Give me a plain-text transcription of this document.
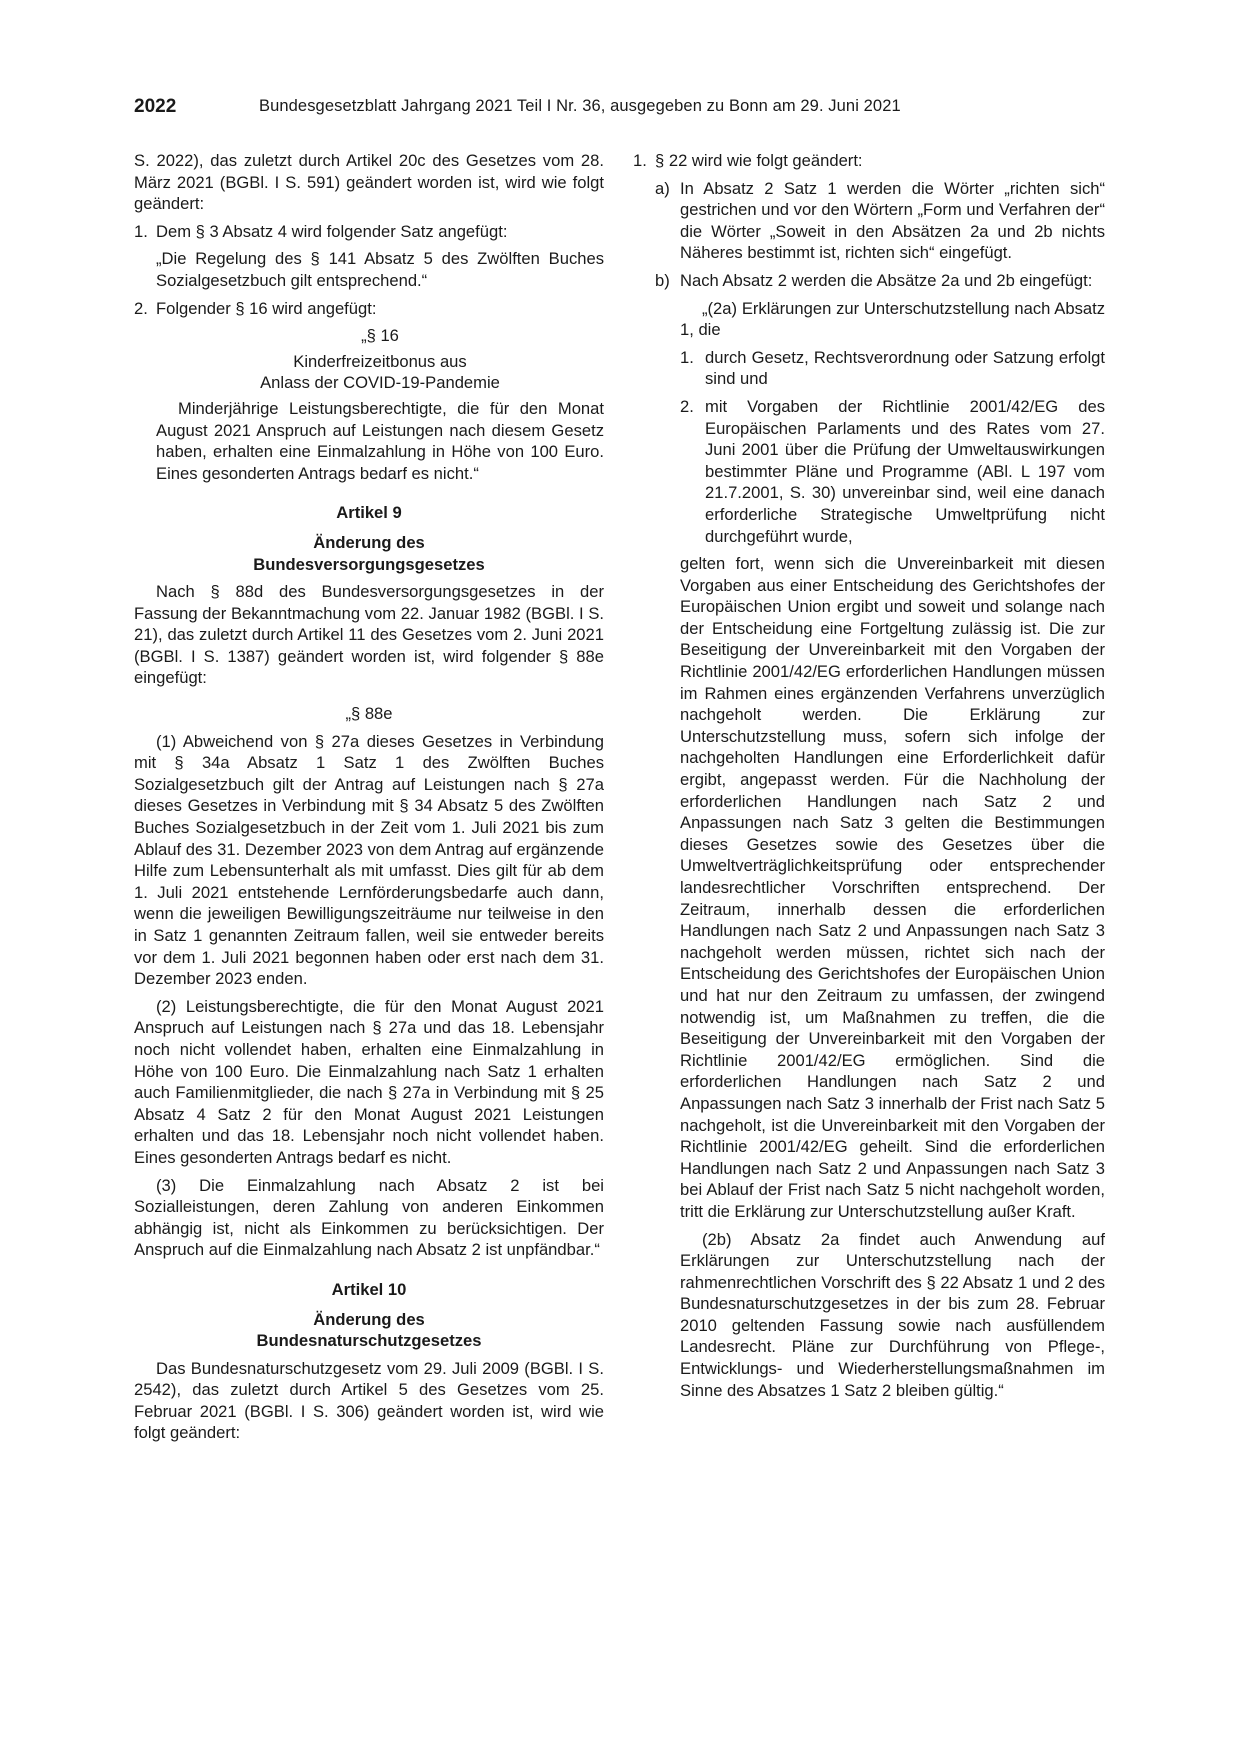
2022	Bundesgesetzblatt Jahrgang 2021 Teil I Nr. 36, ausgegeben zu Bonn am 29. Juni 2021

S. 2022), das zuletzt durch Artikel 20c des Gesetzes vom 28. März 2021 (BGBl. I S. 591) geändert worden ist, wird wie folgt geändert:

1. Dem § 3 Absatz 4 wird folgender Satz angefügt:

„Die Regelung des § 141 Absatz 5 des Zwölften Buches Sozialgesetzbuch gilt entsprechend.“

2. Folgender § 16 wird angefügt:

„§ 16

Kinderfreizeitbonus aus

Anlass der COVID-19-Pandemie

Minderjährige Leistungsberechtigte, die für den Monat August 2021 Anspruch auf Leistungen nach diesem Gesetz haben, erhalten eine Einmalzahlung in Höhe von 100 Euro. Eines gesonderten Antrags bedarf es nicht.“

Artikel 9

Änderung des

Bundesversorgungsgesetzes

Nach § 88d des Bundesversorgungsgesetzes in der Fassung der Bekanntmachung vom 22. Januar 1982 (BGBl. I S. 21), das zuletzt durch Artikel 11 des Gesetzes vom 2. Juni 2021 (BGBl. I S. 1387) geändert worden ist, wird folgender § 88e eingefügt:

„§ 88e

(1) Abweichend von § 27a dieses Gesetzes in Verbindung mit § 34a Absatz 1 Satz 1 des Zwölften Buches Sozialgesetzbuch gilt der Antrag auf Leistungen nach § 27a dieses Gesetzes in Verbindung mit § 34 Absatz 5 des Zwölften Buches Sozialgesetzbuch in der Zeit vom 1. Juli 2021 bis zum Ablauf des 31. Dezember 2023 von dem Antrag auf ergänzende Hilfe zum Lebensunterhalt als mit umfasst. Dies gilt für ab dem 1. Juli 2021 entstehende Lernförderungsbedarfe auch dann, wenn die jeweiligen Bewilligungszeiträume nur teilweise in den in Satz 1 genannten Zeitraum fallen, weil sie entweder bereits vor dem 1. Juli 2021 begonnen haben oder erst nach dem 31. Dezember 2023 enden.

(2) Leistungsberechtigte, die für den Monat August 2021 Anspruch auf Leistungen nach § 27a und das 18. Lebensjahr noch nicht vollendet haben, erhalten eine Einmalzahlung in Höhe von 100 Euro. Die Einmalzahlung nach Satz 1 erhalten auch Familienmitglieder, die nach § 27a in Verbindung mit § 25 Absatz 4 Satz 2 für den Monat August 2021 Leistungen erhalten und das 18. Lebensjahr noch nicht vollendet haben. Eines gesonderten Antrags bedarf es nicht.

(3) Die Einmalzahlung nach Absatz 2 ist bei Sozialleistungen, deren Zahlung von anderen Einkommen abhängig ist, nicht als Einkommen zu berücksichtigen. Der Anspruch auf die Einmalzahlung nach Absatz 2 ist unpfändbar.“

Artikel 10

Änderung des

Bundesnaturschutzgesetzes

Das Bundesnaturschutzgesetz vom 29. Juli 2009 (BGBl. I S. 2542), das zuletzt durch Artikel 5 des Gesetzes vom 25. Februar 2021 (BGBl. I S. 306) geändert worden ist, wird wie folgt geändert:

1. § 22 wird wie folgt geändert:
a) In Absatz 2 Satz 1 werden die Wörter „richten sich“ gestrichen und vor den Wörtern „Form und Verfahren der“ die Wörter „Soweit in den Absätzen 2a und 2b nichts Näheres bestimmt ist, richten sich“ eingefügt.
b) Nach Absatz 2 werden die Absätze 2a und 2b eingefügt:

„(2a) Erklärungen zur Unterschutzstellung nach Absatz 1, die

1. durch Gesetz, Rechtsverordnung oder Satzung erfolgt sind und
2. mit Vorgaben der Richtlinie 2001/42/EG des Europäischen Parlaments und des Rates vom 27. Juni 2001 über die Prüfung der Umweltauswirkungen bestimmter Pläne und Programme (ABl. L 197 vom 21.7.2001, S. 30) unvereinbar sind, weil eine danach erforderliche Strategische Umweltprüfung nicht durchgeführt wurde,

gelten fort, wenn sich die Unvereinbarkeit mit diesen Vorgaben aus einer Entscheidung des Gerichtshofes der Europäischen Union ergibt und soweit und solange nach der Entscheidung eine Fortgeltung zulässig ist. Die zur Beseitigung der Unvereinbarkeit mit den Vorgaben der Richtlinie 2001/42/EG erforderlichen Handlungen müssen im Rahmen eines ergänzenden Verfahrens unverzüglich nachgeholt werden. Die Erklärung zur Unterschutzstellung muss, sofern sich infolge der nachgeholten Handlungen eine Erforderlichkeit dafür ergibt, angepasst werden. Für die Nachholung der erforderlichen Handlungen nach Satz 2 und Anpassungen nach Satz 3 gelten die Bestimmungen dieses Gesetzes sowie des Gesetzes über die Umweltverträglichkeitsprüfung oder entsprechender landesrechtlicher Vorschriften entsprechend. Der Zeitraum, innerhalb dessen die erforderlichen Handlungen nach Satz 2 und Anpassungen nach Satz 3 nachgeholt werden müssen, richtet sich nach der Entscheidung des Gerichtshofes der Europäischen Union und hat nur den Zeitraum zu umfassen, der zwingend notwendig ist, um Maßnahmen zu treffen, die die Beseitigung der Unvereinbarkeit mit den Vorgaben der Richtlinie 2001/42/EG ermöglichen. Sind die erforderlichen Handlungen nach Satz 2 und Anpassungen nach Satz 3 innerhalb der Frist nach Satz 5 nachgeholt, ist die Unvereinbarkeit mit den Vorgaben der Richtlinie 2001/42/EG geheilt. Sind die erforderlichen Handlungen nach Satz 2 und Anpassungen nach Satz 3 bei Ablauf der Frist nach Satz 5 nicht nachgeholt worden, tritt die Erklärung zur Unterschutzstellung außer Kraft.

(2b) Absatz 2a findet auch Anwendung auf Erklärungen zur Unterschutzstellung nach der rahmenrechtlichen Vorschrift des § 22 Absatz 1 und 2 des Bundesnaturschutzgesetzes in der bis zum 28. Februar 2010 geltenden Fassung sowie nach ausfüllendem Landesrecht. Pläne zur Durchführung von Pflege-, Entwicklungs- und Wiederherstellungsmaßnahmen im Sinne des Absatzes 1 Satz 2 bleiben gültig.“
